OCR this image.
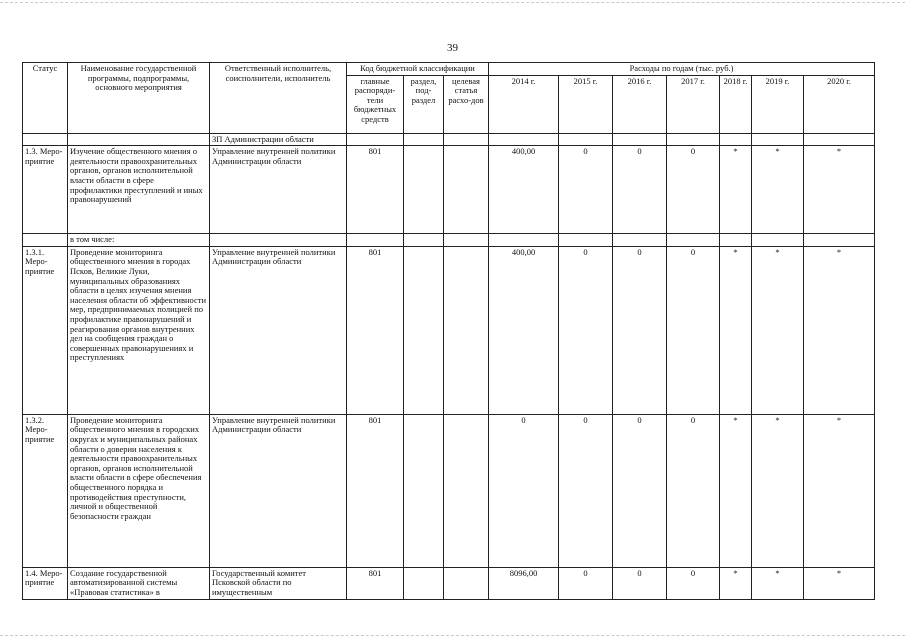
39
Статус	Наименование государственной программы, подпрограммы, основного мероприятия	Ответственный исполнитель, соисполнители, исполнитель	Код бюджетной классификации			Расходы по годам (тыс. руб.)						
			главные распоряди-тели бюджетных средств	раздел, под-раздел	целевая статья расхо-дов	2014 г.	2015 г.	2016 г.	2017 г.	2018 г.	2019 г.	2020 г.
		ЗП Администрации области										
1.3. Меро-приятие	Изучение общественного мнения о деятельности правоохранительных органов, органов исполнительной власти области в сфере профилактики преступлений и иных правонарушений	Управление внутренней политики Администрации области	801			400,00	0	0	0	*	*	*
	в том числе:											
1.3.1. Меро-приятие	Проведение мониторинга общественного мнения в городах Псков, Великие Луки, муниципальных образованиях области в целях изучения мнения населения области об эффективности мер, предпринимаемых полицией по профилактике правонарушений и реагирования органов внутренних дел на сообщения граждан о совершенных правонарушениях и преступлениях	Управление внутренней политики Администрации области	801			400,00	0	0	0	*	*	*
1.3.2. Меро-приятие	Проведение мониторинга общественного мнения в городских округах и муниципальных районах области о доверии населения к деятельности правоохранительных органов, органов исполнительной власти области в сфере обеспечения общественного порядка и противодействия преступности, личной и общественной безопасности граждан	Управление внутренней политики Администрации области	801			0	0	0	0	*	*	*
1.4. Меро-приятие	Создание государственной автоматизированной системы «Правовая статистика» в	Государственный комитет Псковской области по имущественным	801			8096,00	0	0	0	*	*	*
